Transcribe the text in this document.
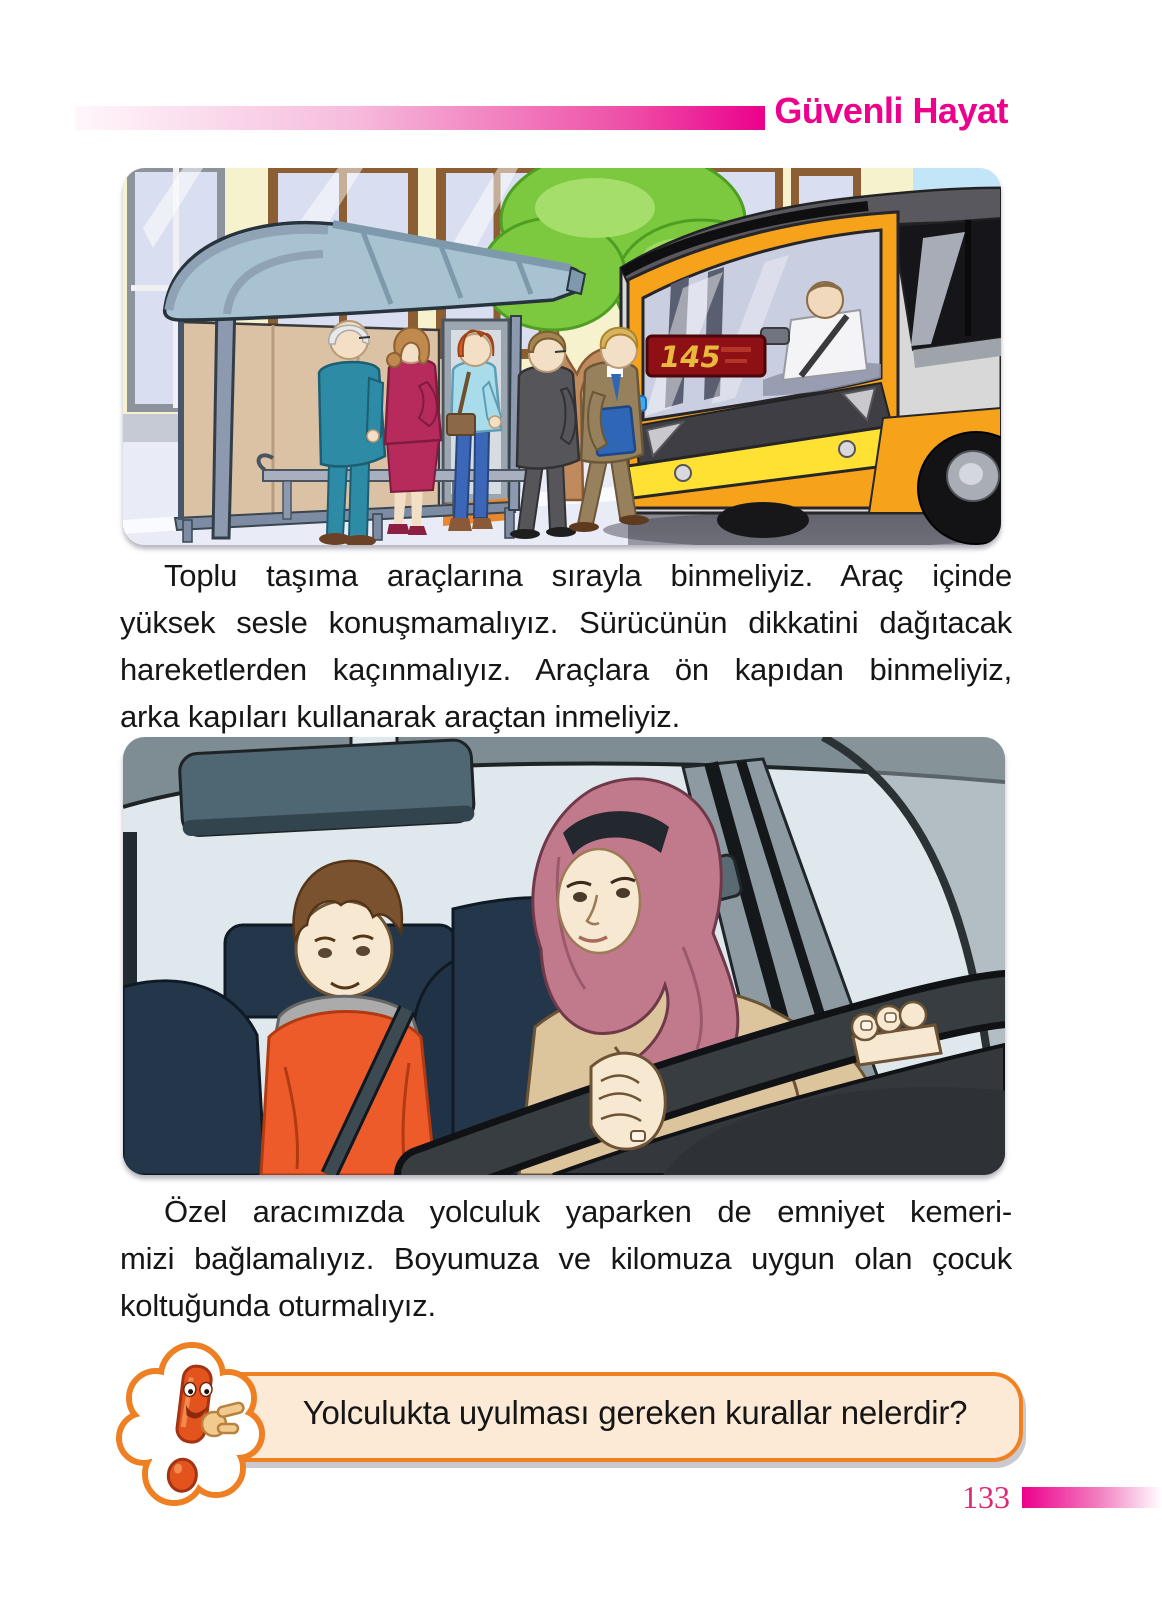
Güvenli Hayat
145
Toplu taşıma araçlarına sırayla binmeliyiz. Araç içinde
yüksek sesle konuşmamalıyız. Sürücünün dikkatini dağıtacak
hareketlerden kaçınmalıyız. Araçlara ön kapıdan binmeliyiz,
arka kapıları kullanarak araçtan inmeliyiz.
Özel aracımızda yolculuk yaparken de emniyet kemeri-
mizi bağlamalıyız. Boyumuza ve kilomuza uygun olan çocuk
koltuğunda oturmalıyız.
Yolculukta uyulması gereken kurallar nelerdir?
133
